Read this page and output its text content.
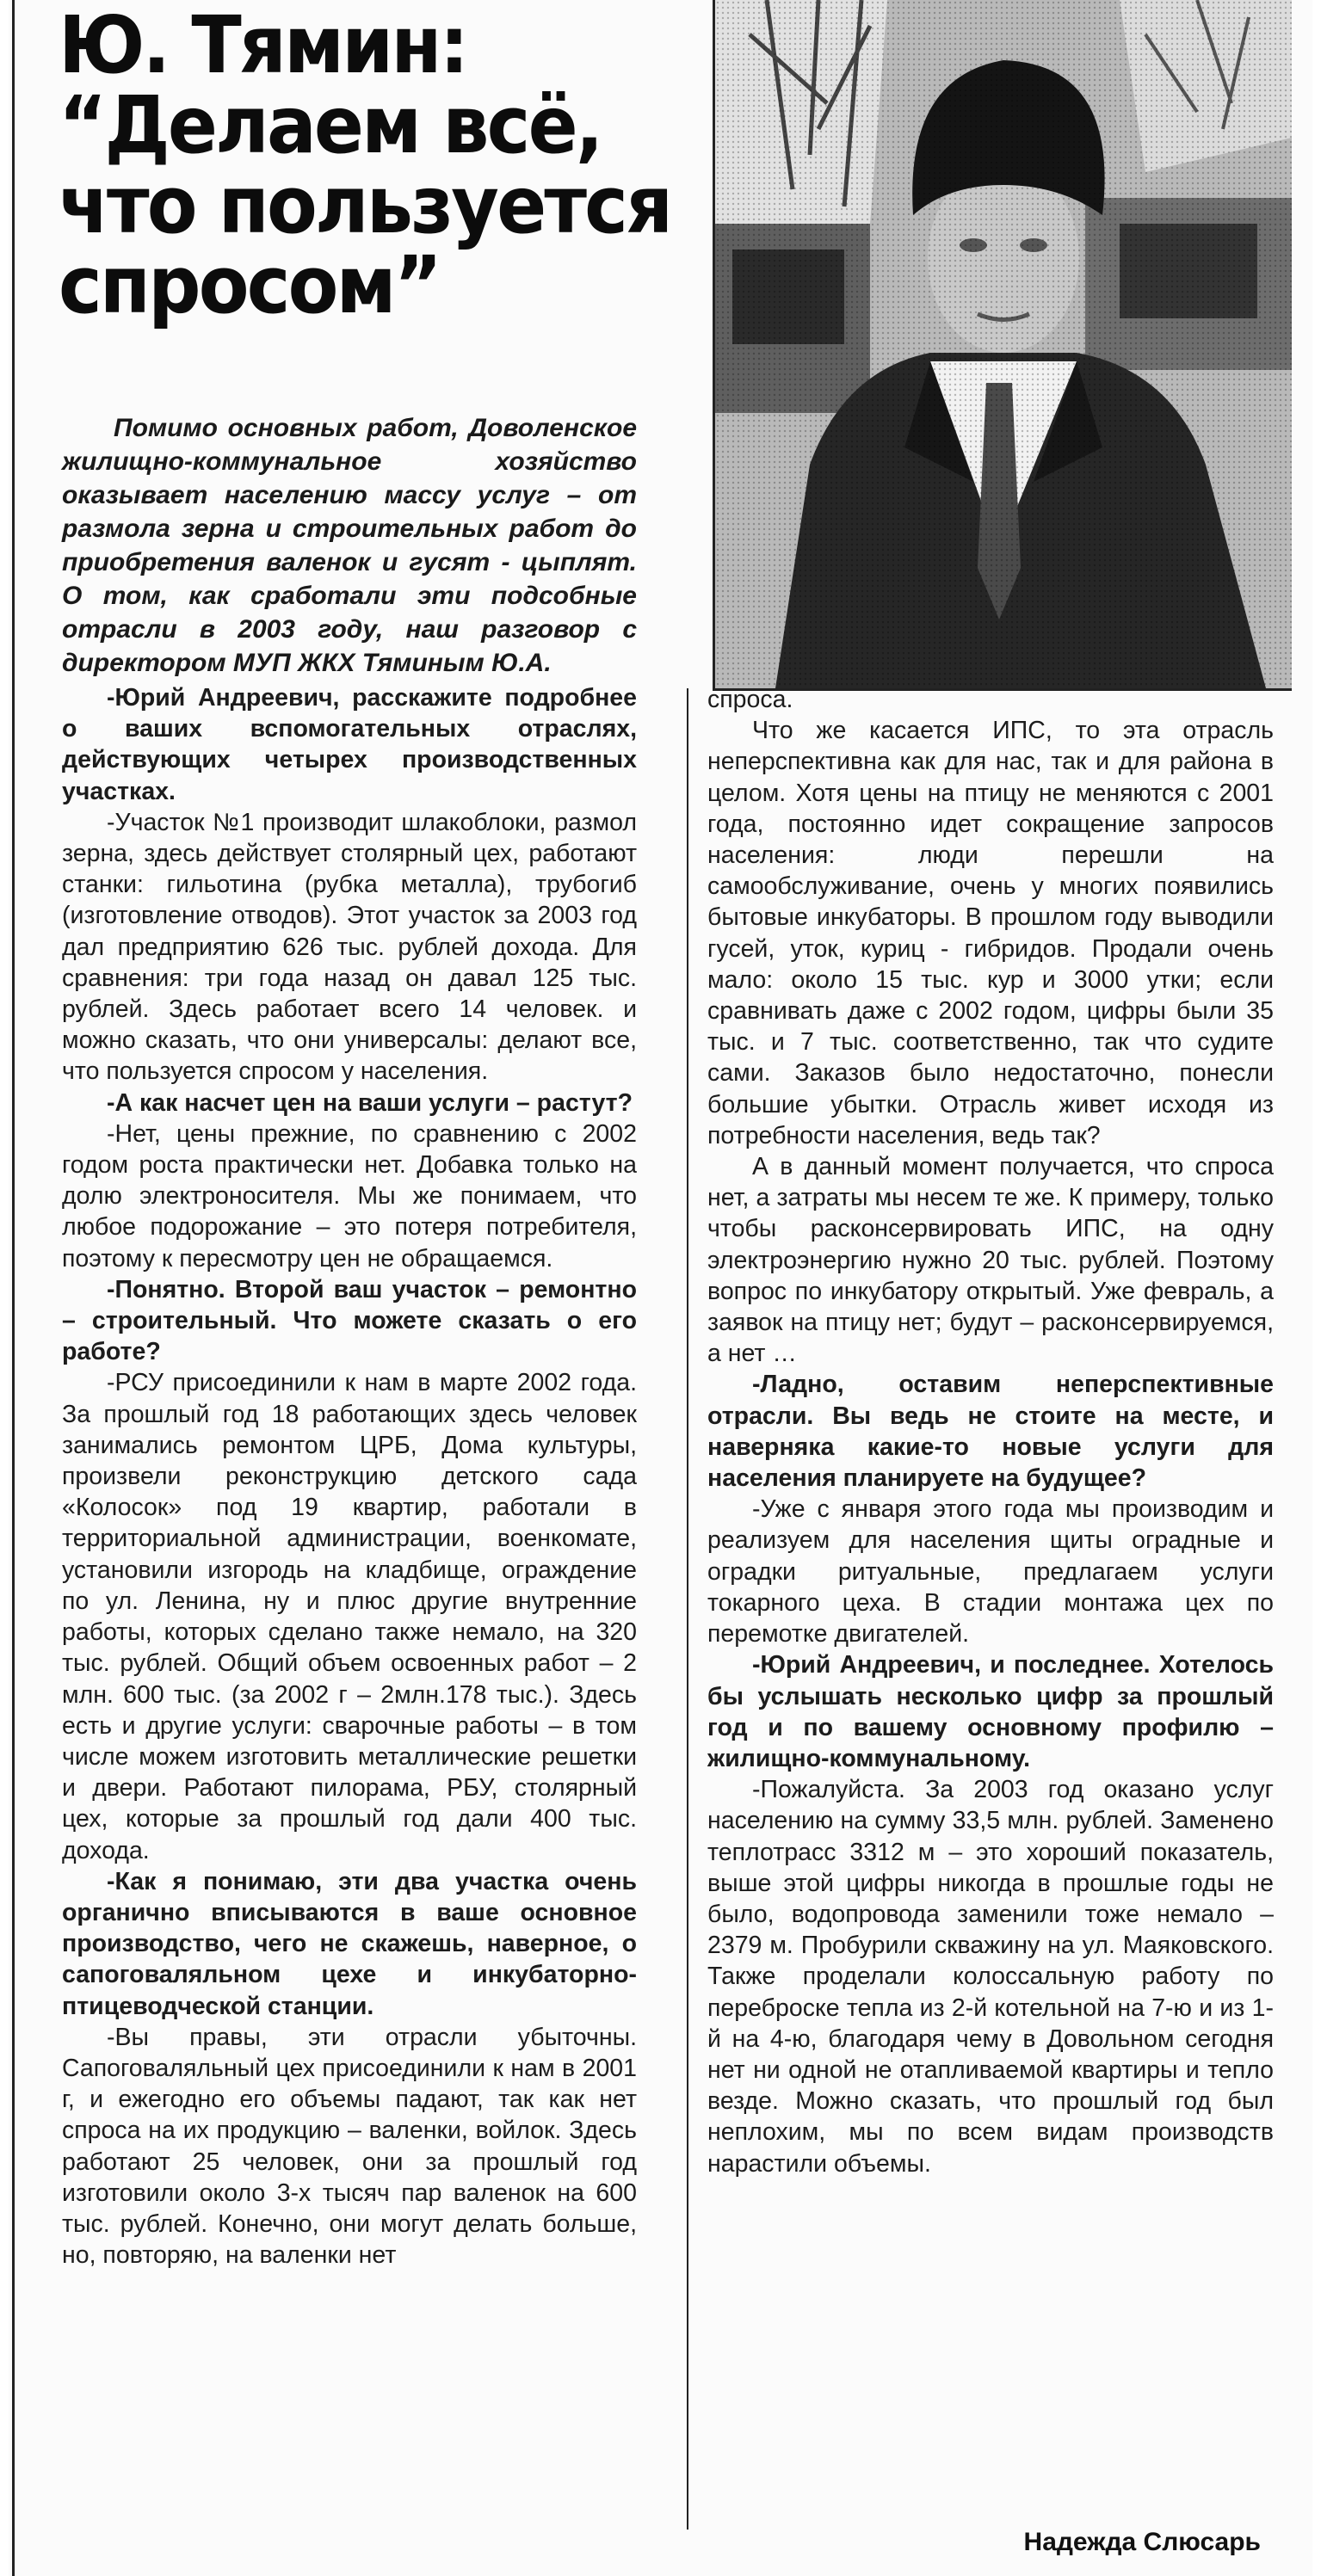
Ю. Тямин: “Делаем всё, что пользуется спросом”

Помимо основных работ, Доволенское жилищно-коммунальное хозяйство оказывает населению массу услуг – от размола зерна и строительных работ до приобретения валенок и гусят - цыплят. О том, как сработали эти подсобные отрасли в 2003 году, наш разговор с директором МУП ЖКХ Тяминым Ю.А.

-Юрий Андреевич, расскажите подробнее о ваших вспомогательных отраслях, действующих четырех производственных участках.

-Участок №1 производит шлакоблоки, размол зерна, здесь действует столярный цех, работают станки: гильотина (рубка металла), трубогиб (изготовление отводов). Этот участок за 2003 год дал предприятию 626 тыс. рублей дохода. Для сравнения: три года назад он давал 125 тыс. рублей. Здесь работает всего 14 человек. и можно сказать, что они универсалы: делают все, что пользуется спросом у населения.

-А как насчет цен на ваши услуги – растут?

-Нет, цены прежние, по сравнению с 2002 годом роста практически нет. Добавка только на долю электроносителя. Мы же понимаем, что любое подорожание – это потеря потребителя, поэтому к пересмотру цен не обращаемся.

-Понятно. Второй ваш участок – ремонтно – строительный. Что можете сказать о его работе?

-РСУ присоединили к нам в марте 2002 года. За прошлый год 18 работающих здесь человек занимались ремонтом ЦРБ, Дома культуры, произвели реконструкцию детского сада «Колосок» под 19 квартир, работали в территориальной администрации, военкомате, установили изгородь на кладбище, ограждение по ул. Ленина, ну и плюс другие внутренние работы, которых сделано также немало, на 320 тыс. рублей. Общий объем освоенных работ – 2 млн. 600 тыс. (за 2002 г – 2млн.178 тыс.). Здесь есть и другие услуги: сварочные работы – в том числе можем изготовить металлические решетки и двери. Работают пилорама, РБУ, столярный цех, которые за прошлый год дали 400 тыс. дохода.

-Как я понимаю, эти два участка очень органично вписываются в ваше основное производство, чего не скажешь, наверное, о сапоговаляльном цехе и инкубаторно-птицеводческой станции.

-Вы правы, эти отрасли убыточны. Сапоговаляльный цех присоединили к нам в 2001 г, и ежегодно его объемы падают, так как нет спроса на их продукцию – валенки, войлок. Здесь работают 25 человек, они за прошлый год изготовили около 3-х тысяч пар валенок на 600 тыс. рублей. Конечно, они могут делать больше, но, повторяю, на валенки нет

спроса.

Что же касается ИПС, то эта отрасль неперспективна как для нас, так и для района в целом. Хотя цены на птицу не меняются с 2001 года, постоянно идет сокращение запросов населения: люди перешли на самообслуживание, очень у многих появились бытовые инкубаторы. В прошлом году выводили гусей, уток, куриц - гибридов. Продали очень мало: около 15 тыс. кур и 3000 утки; если сравнивать даже с 2002 годом, цифры были 35 тыс. и 7 тыс. соответственно, так что судите сами. Заказов было недостаточно, понесли большие убытки. Отрасль живет исходя из потребности населения, ведь так?

А в данный момент получается, что спроса нет, а затраты мы несем те же. К примеру, только чтобы расконсервировать ИПС, на одну электроэнергию нужно 20 тыс. рублей. Поэтому вопрос по инкубатору открытый. Уже февраль, а заявок на птицу нет; будут – расконсервируемся, а нет …

-Ладно, оставим неперспективные отрасли. Вы ведь не стоите на месте, и наверняка какие-то новые услуги для населения планируете на будущее?

-Уже с января этого года мы производим и реализуем для населения щиты оградные и оградки ритуальные, предлагаем услуги токарного цеха. В стадии монтажа цех по перемотке двигателей.

-Юрий Андреевич, и последнее. Хотелось бы услышать несколько цифр за прошлый год и по вашему основному профилю – жилищно-коммунальному.

-Пожалуйста. За 2003 год оказано услуг населению на сумму 33,5 млн. рублей. Заменено теплотрасс 3312 м – это хороший показатель, выше этой цифры никогда в прошлые годы не было, водопровода заменили тоже немало –2379 м. Пробурили скважину на ул. Маяковского. Также проделали колоссальную работу по переброске тепла из 2-й котельной на 7-ю и из 1-й на 4-ю, благодаря чему в Довольном сегодня нет ни одной не отапливаемой квартиры и тепло везде. Можно сказать, что прошлый год был неплохим, мы по всем видам производств нарастили объемы.

Надежда Слюсарь
